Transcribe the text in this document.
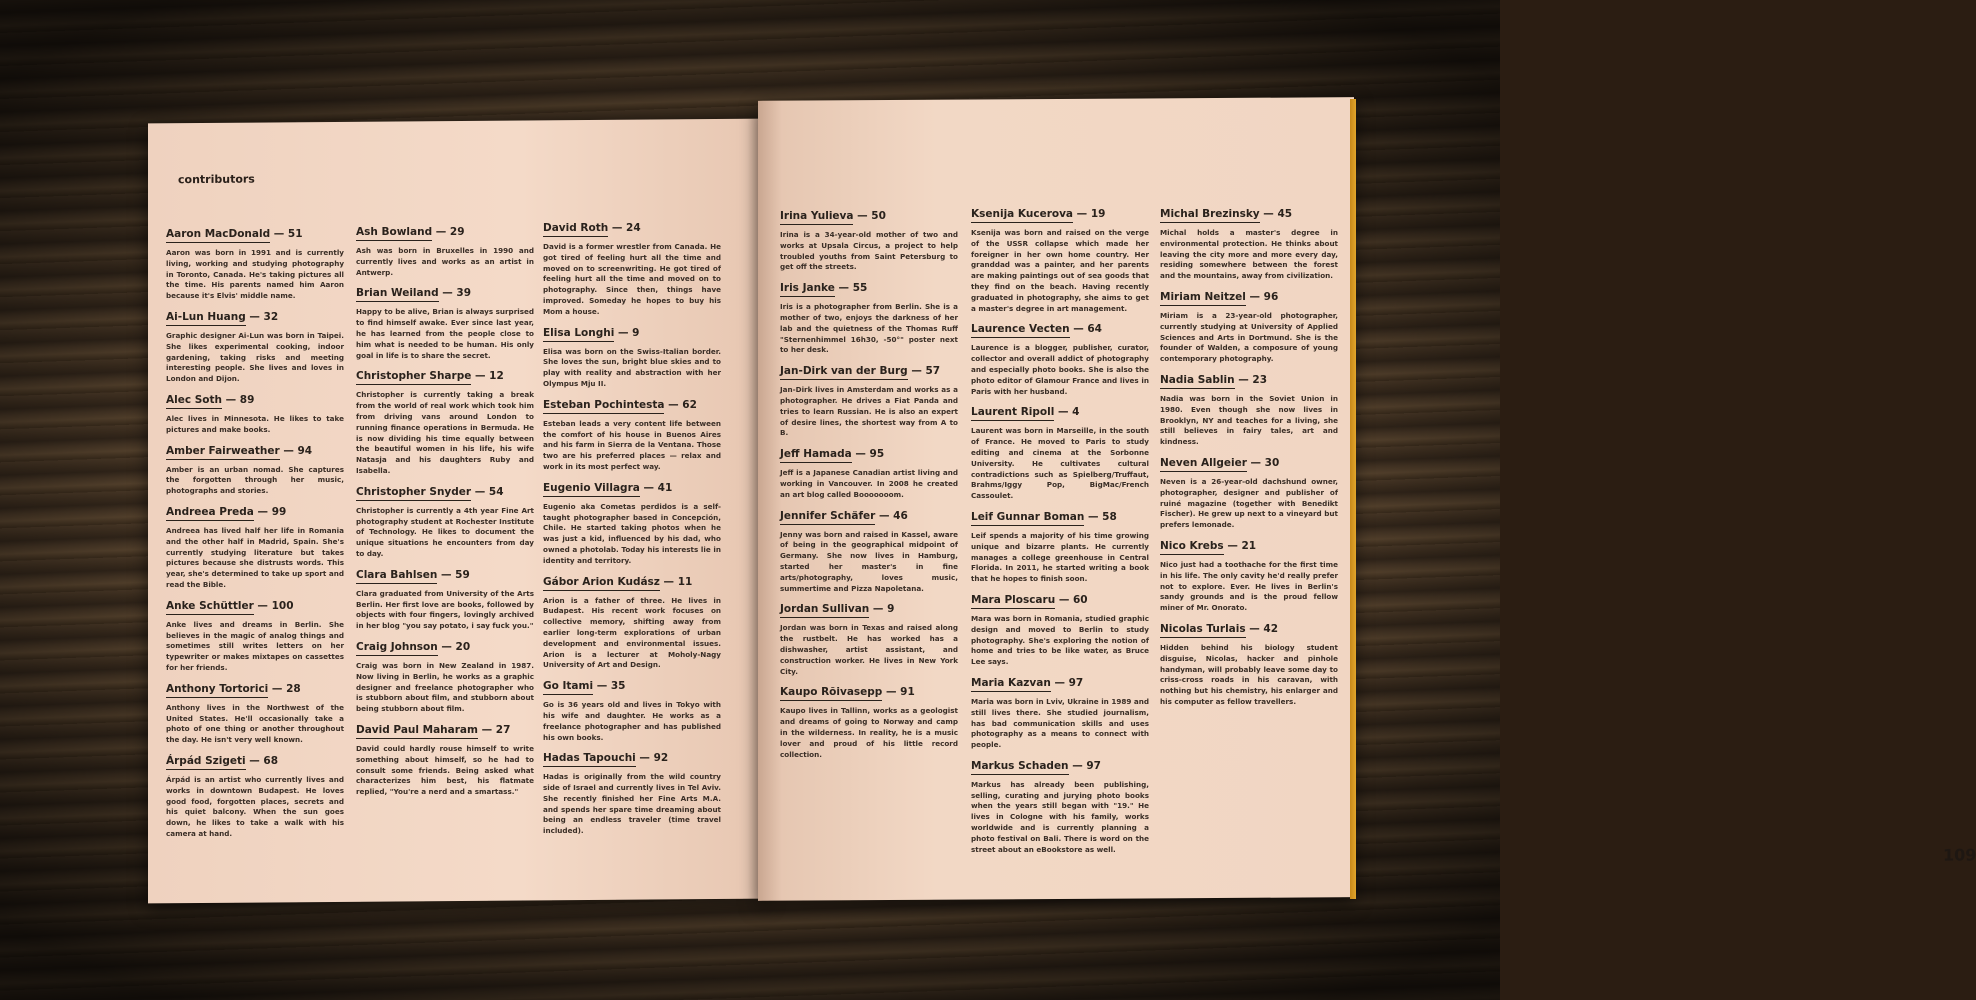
contributors
109
Aaron MacDonald — 51
Aaron was born in 1991 and is currently living, working and studying photography in Toronto, Canada. He's taking pictures all the time. His parents named him Aaron because it's Elvis' middle name.
Ai-Lun Huang — 32
Graphic designer Ai-Lun was born in Taipei. She likes experimental cooking, indoor gardening, taking risks and meeting interesting people. She lives and loves in London and Dijon.
Alec Soth — 89
Alec lives in Minnesota. He likes to take pictures and make books.
Amber Fairweather — 94
Amber is an urban nomad. She captures the forgotten through her music, photographs and stories.
Andreea Preda — 99
Andreea has lived half her life in Romania and the other half in Madrid, Spain. She's currently studying literature but takes pictures because she distrusts words. This year, she's determined to take up sport and read the Bible.
Anke Schüttler — 100
Anke lives and dreams in Berlin. She believes in the magic of analog things and sometimes still writes letters on her typewriter or makes mixtapes on cassettes for her friends.
Anthony Tortorici — 28
Anthony lives in the Northwest of the United States. He'll occasionally take a photo of one thing or another throughout the day. He isn't very well known.
Árpád Szigeti — 68
Árpád is an artist who currently lives and works in downtown Budapest. He loves good food, forgotten places, secrets and his quiet balcony. When the sun goes down, he likes to take a walk with his camera at hand.
Ash Bowland — 29
Ash was born in Bruxelles in 1990 and currently lives and works as an artist in Antwerp.
Brian Weiland — 39
Happy to be alive, Brian is always surprised to find himself awake. Ever since last year, he has learned from the people close to him what is needed to be human. His only goal in life is to share the secret.
Christopher Sharpe — 12
Christopher is currently taking a break from the world of real work which took him from driving vans around London to running finance operations in Bermuda. He is now dividing his time equally between the beautiful women in his life, his wife Natasja and his daughters Ruby and Isabella.
Christopher Snyder — 54
Christopher is currently a 4th year Fine Art photography student at Rochester Institute of Technology. He likes to document the unique situations he encounters from day to day.
Clara Bahlsen — 59
Clara graduated from University of the Arts Berlin. Her first love are books, followed by objects with four fingers, lovingly archived in her blog "you say potato, i say fuck you."
Craig Johnson — 20
Craig was born in New Zealand in 1987. Now living in Berlin, he works as a graphic designer and freelance photographer who is stubborn about film, and stubborn about being stubborn about film.
David Paul Maharam — 27
David could hardly rouse himself to write something about himself, so he had to consult some friends. Being asked what characterizes him best, his flatmate replied, "You're a nerd and a smartass."
David Roth — 24
David is a former wrestler from Canada. He got tired of feeling hurt all the time and moved on to screenwriting. He got tired of feeling hurt all the time and moved on to photography. Since then, things have improved. Someday he hopes to buy his Mom a house.
Elisa Longhi — 9
Elisa was born on the Swiss-Italian border. She loves the sun, bright blue skies and to play with reality and abstraction with her Olympus Mju II.
Esteban Pochintesta — 62
Esteban leads a very content life between the comfort of his house in Buenos Aires and his farm in Sierra de la Ventana. Those two are his preferred places — relax and work in its most perfect way.
Eugenio Villagra — 41
Eugenio aka Cometas perdidos is a self-taught photographer based in Concepción, Chile. He started taking photos when he was just a kid, influenced by his dad, who owned a photolab. Today his interests lie in identity and territory.
Gábor Arion Kudász — 11
Arion is a father of three. He lives in Budapest. His recent work focuses on collective memory, shifting away from earlier long-term explorations of urban development and environmental issues. Arion is a lecturer at Moholy-Nagy University of Art and Design.
Go Itami — 35
Go is 36 years old and lives in Tokyo with his wife and daughter. He works as a freelance photographer and has published his own books.
Hadas Tapouchi — 92
Hadas is originally from the wild country side of Israel and currently lives in Tel Aviv. She recently finished her Fine Arts M.A. and spends her spare time dreaming about being an endless traveler (time travel included).
Irina Yulieva — 50
Irina is a 34-year-old mother of two and works at Upsala Circus, a project to help troubled youths from Saint Petersburg to get off the streets.
Iris Janke — 55
Iris is a photographer from Berlin. She is a mother of two, enjoys the darkness of her lab and the quietness of the Thomas Ruff "Sternenhimmel 16h30, -50°" poster next to her desk.
Jan-Dirk van der Burg — 57
Jan-Dirk lives in Amsterdam and works as a photographer. He drives a Fiat Panda and tries to learn Russian. He is also an expert of desire lines, the shortest way from A to B.
Jeff Hamada — 95
Jeff is a Japanese Canadian artist living and working in Vancouver. In 2008 he created an art blog called Booooooom.
Jennifer Schäfer — 46
Jenny was born and raised in Kassel, aware of being in the geographical midpoint of Germany. She now lives in Hamburg, started her master's in fine arts/photography, loves music, summertime and Pizza Napoletana.
Jordan Sullivan — 9
Jordan was born in Texas and raised along the rustbelt. He has worked has a dishwasher, artist assistant, and construction worker. He lives in New York City.
Kaupo Rõivasepp — 91
Kaupo lives in Tallinn, works as a geologist and dreams of going to Norway and camp in the wilderness. In reality, he is a music lover and proud of his little record collection.
Ksenija Kucerova — 19
Ksenija was born and raised on the verge of the USSR collapse which made her foreigner in her own home country. Her granddad was a painter, and her parents are making paintings out of sea goods that they find on the beach. Having recently graduated in photography, she aims to get a master's degree in art management.
Laurence Vecten — 64
Laurence is a blogger, publisher, curator, collector and overall addict of photography and especially photo books. She is also the photo editor of Glamour France and lives in Paris with her husband.
Laurent Ripoll — 4
Laurent was born in Marseille, in the south of France. He moved to Paris to study editing and cinema at the Sorbonne University. He cultivates cultural contradictions such as Spielberg/Truffaut, Brahms/Iggy Pop, BigMac/French Cassoulet.
Leif Gunnar Boman — 58
Leif spends a majority of his time growing unique and bizarre plants. He currently manages a college greenhouse in Central Florida. In 2011, he started writing a book that he hopes to finish soon.
Mara Ploscaru — 60
Mara was born in Romania, studied graphic design and moved to Berlin to study photography. She's exploring the notion of home and tries to be like water, as Bruce Lee says.
Maria Kazvan — 97
Maria was born in Lviv, Ukraine in 1989 and still lives there. She studied journalism, has bad communication skills and uses photography as a means to connect with people.
Markus Schaden — 97
Markus has already been publishing, selling, curating and jurying photo books when the years still began with "19." He lives in Cologne with his family, works worldwide and is currently planning a photo festival on Bali. There is word on the street about an eBookstore as well.
Michal Brezinsky — 45
Michal holds a master's degree in environmental protection. He thinks about leaving the city more and more every day, residing somewhere between the forest and the mountains, away from civilization.
Miriam Neitzel — 96
Miriam is a 23-year-old photographer, currently studying at University of Applied Sciences and Arts in Dortmund. She is the founder of Walden, a composure of young contemporary photography.
Nadia Sablin — 23
Nadia was born in the Soviet Union in 1980. Even though she now lives in Brooklyn, NY and teaches for a living, she still believes in fairy tales, art and kindness.
Neven Allgeier — 30
Neven is a 26-year-old dachshund owner, photographer, designer and publisher of ruiné magazine (together with Benedikt Fischer). He grew up next to a vineyard but prefers lemonade.
Nico Krebs — 21
Nico just had a toothache for the first time in his life. The only cavity he'd really prefer not to explore. Ever. He lives in Berlin's sandy grounds and is the proud fellow miner of Mr. Onorato.
Nicolas Turlais — 42
Hidden behind his biology student disguise, Nicolas, hacker and pinhole handyman, will probably leave some day to criss-cross roads in his caravan, with nothing but his chemistry, his enlarger and his computer as fellow travellers.
